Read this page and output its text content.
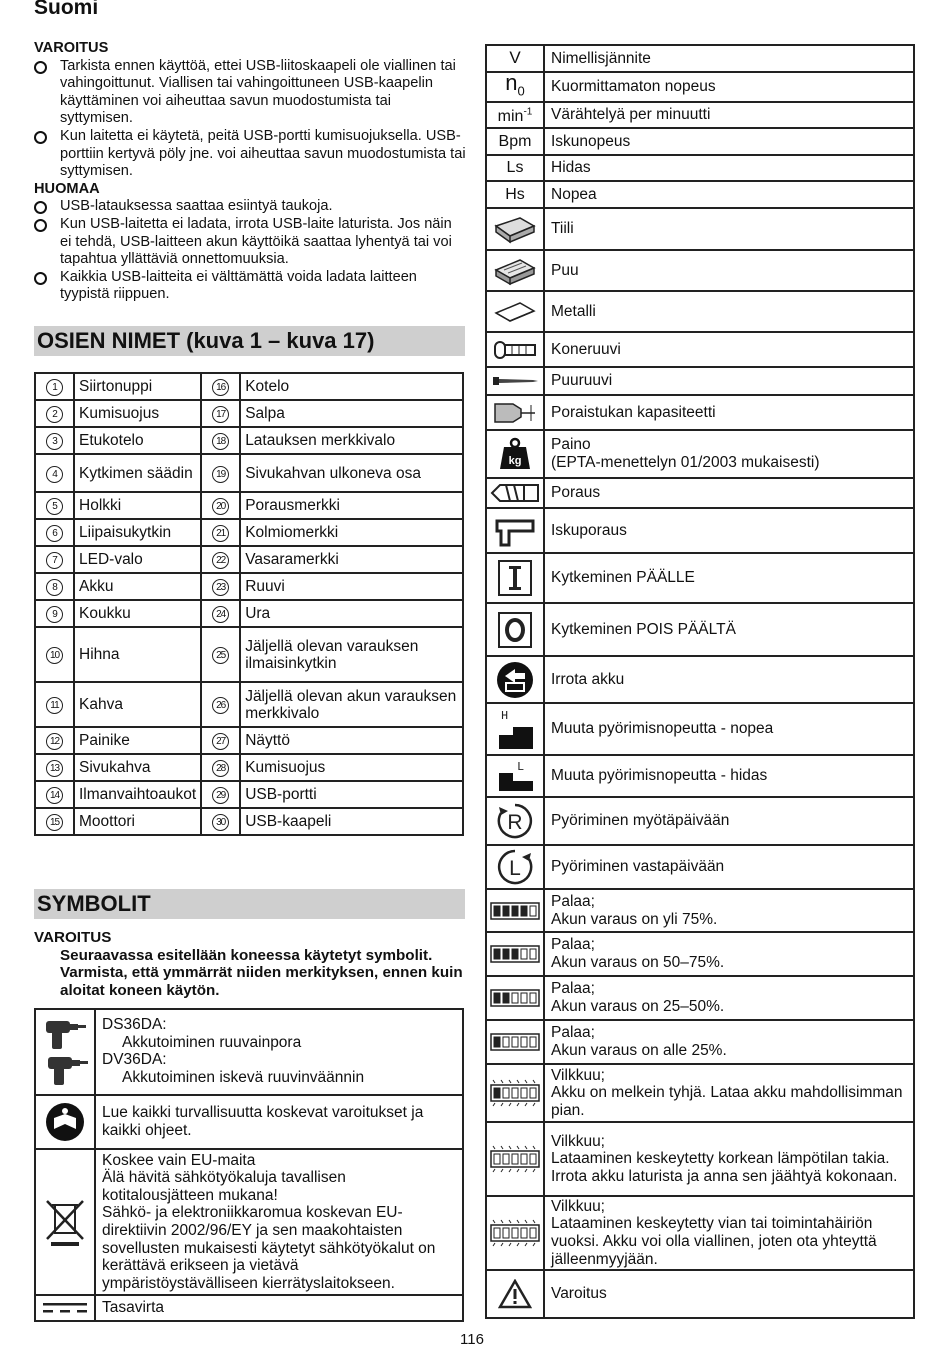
Suomi
VAROITUS
Tarkista ennen käyttöä, ettei USB-liitoskaapeli ole viallinen tai vahingoittunut. Viallisen tai vahingoittuneen USB-kaapelin käyttäminen voi aiheuttaa savun muodostumista tai syttymisen.
Kun laitetta ei käytetä, peitä USB-portti kumisuojuksella. USB-porttiin kertyvä pöly jne. voi aiheuttaa savun muodostumista tai syttymisen.
HUOMAA
USB-latauksessa saattaa esiintyä taukoja.
Kun USB-laitetta ei ladata, irrota USB-laite laturista. Jos näin ei tehdä, USB-laitteen akun käyttöikä saattaa lyhentyä tai voi tapahtua yllättäviä onnettomuuksia.
Kaikkia USB-laitteita ei välttämättä voida ladata laitteen tyypistä riippuen.
OSIEN NIMET (kuva 1 – kuva 17)
1	Siirtonuppi	16	Kotelo
2	Kumisuojus	17	Salpa
3	Etukotelo	18	Latauksen merkkivalo
4	Kytkimen säädin	19	Sivukahvan ulkoneva osa
5	Holkki	20	Porausmerkki
6	Liipaisukytkin	21	Kolmiomerkki
7	LED-valo	22	Vasaramerkki
8	Akku	23	Ruuvi
9	Koukku	24	Ura
10	Hihna	25	Jäljellä olevan varauksen ilmaisinkytkin
11	Kahva	26	Jäljellä olevan akun varauksen merkkivalo
12	Painike	27	Näyttö
13	Sivukahva	28	Kumisuojus
14	Ilmanvaihtoaukot	29	USB-portti
15	Moottori	30	USB-kaapeli
SYMBOLIT
VAROITUS
Seuraavassa esitellään koneessa käytetyt symbolit. Varmista, että ymmärrät niiden merkityksen, ennen kuin aloitat koneen käytön.

DS36DA:
Akkutoiminen ruuvainpora
DV36DA:
Akkutoiminen iskevä ruuvinväännin

	Lue kaikki turvallisuutta koskevat varoitukset ja kaikki ohjeet.

	Koskee vain EU-maita
Älä hävitä sähkötyökaluja tavallisen kotitalousjätteen mukana!
Sähkö- ja elektroniikkaromua koskevan EU-direktiivin 2002/96/EY ja sen maakohtaisten sovellusten mukaisesti käytetyt sähkötyökalut on kerättävä erikseen ja vietävä ympäristöystävälliseen kierrätyslaitokseen.

	Tasavirta
V	Nimellisjännite
$n_0$	Kuormittamaton nopeus
$\min^{-1}$	Värähtelyä per minuutti
Bpm	Iskunopeus
Ls	Hidas
Hs	Nopea

	Tiili

	Puu

	Metalli

	Koneruuvi

	Puuruuvi

	Poraistukan kapasiteetti

kg	Paino
(EPTA-menettelyn 01/2003 mukaisesti)

	Poraus

	Iskuporaus

	Kytkeminen PÄÄLLE

	Kytkeminen POIS PÄÄLTÄ

	Irrota akku

H	Muuta pyörimisnopeutta - nopea

L	Muuta pyörimisnopeutta - hidas

R	Pyöriminen myötäpäivään

L	Pyöriminen vastapäivään

	Palaa;
Akun varaus on yli 75%.

	Palaa;
Akun varaus on 50–75%.

	Palaa;
Akun varaus on 25–50%.

	Palaa;
Akun varaus on alle 25%.

	Vilkkuu;
Akku on melkein tyhjä. Lataa akku mahdollisimman pian.

	Vilkkuu;
Lataaminen keskeytetty korkean lämpötilan takia. Irrota akku laturista ja anna sen jäähtyä kokonaan.

	Vilkkuu;
Lataaminen keskeytetty vian tai toimintahäiriön vuoksi. Akku voi olla viallinen, joten ota yhteyttä jälleenmyyjään.

	Varoitus
116
